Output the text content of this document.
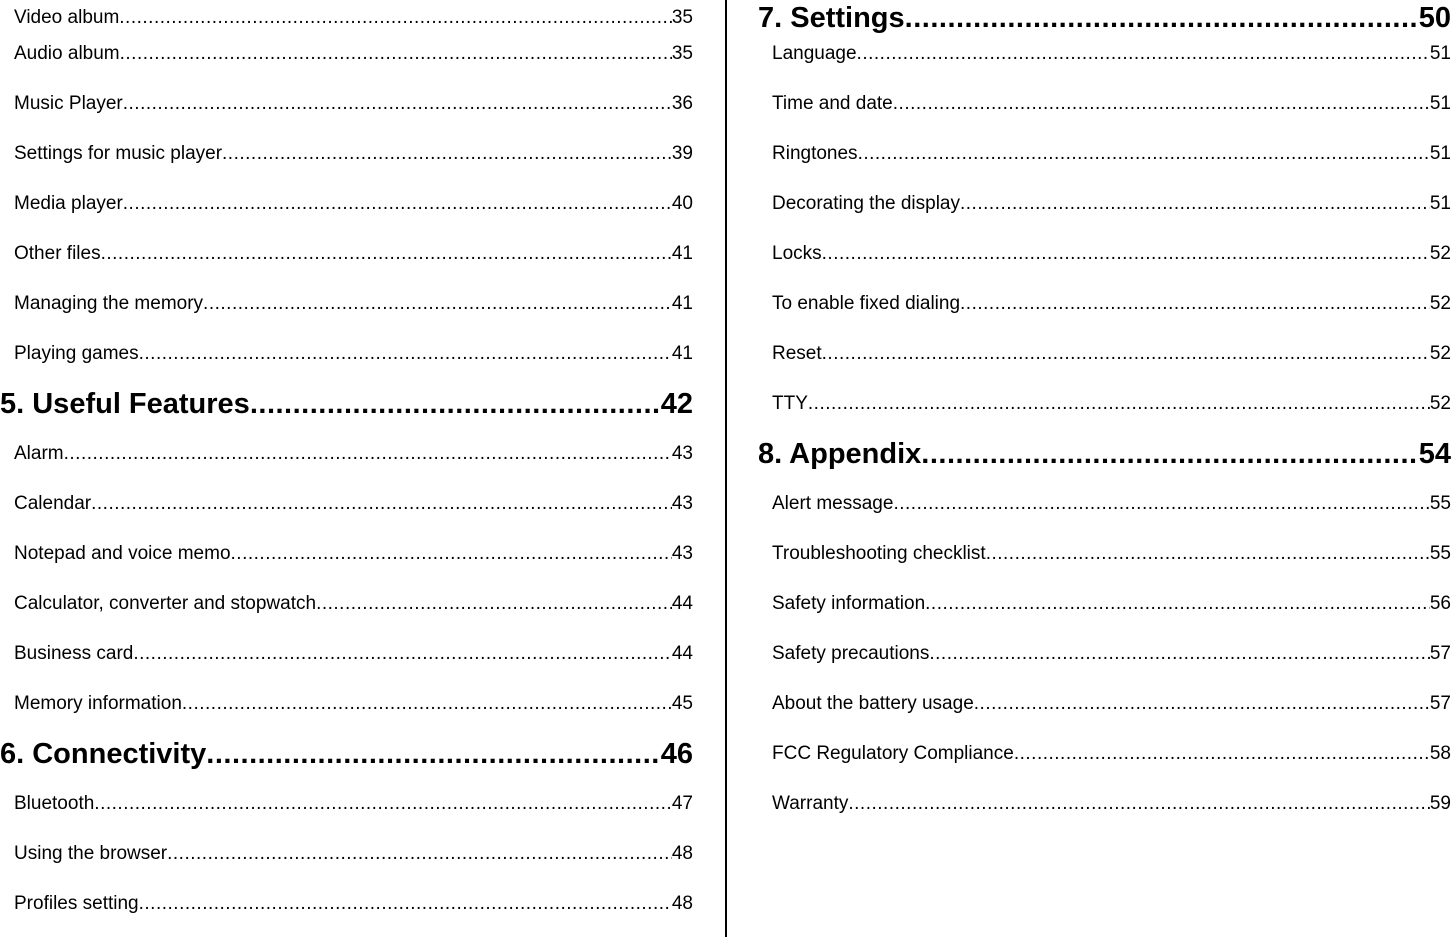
Video album .....	35
Audio album .....	35
Music Player .....	36
Settings for music player .....	39
Media player .....	40
Other files .....	41
Managing the memory .....	41
Playing games .....	41
5. Useful Features .....	42
Alarm .....	43
Calendar .....	43
Notepad and voice memo .....	43
Calculator, converter and stopwatch .....	44
Business card .....	44
Memory information .....	45
6. Connectivity .....	46
Bluetooth .....	47
Using the browser .....	48
Profiles setting .....	48
7. Settings .....	50
Language .....	51
Time and date .....	51
Ringtones .....	51
Decorating the display .....	51
Locks .....	52
To enable fixed dialing .....	52
Reset .....	52
TTY .....	52
8. Appendix .....	54
Alert message .....	55
Troubleshooting checklist .....	55
Safety information .....	56
Safety precautions .....	57
About the battery usage .....	57
FCC Regulatory Compliance .....	58
Warranty .....	59
